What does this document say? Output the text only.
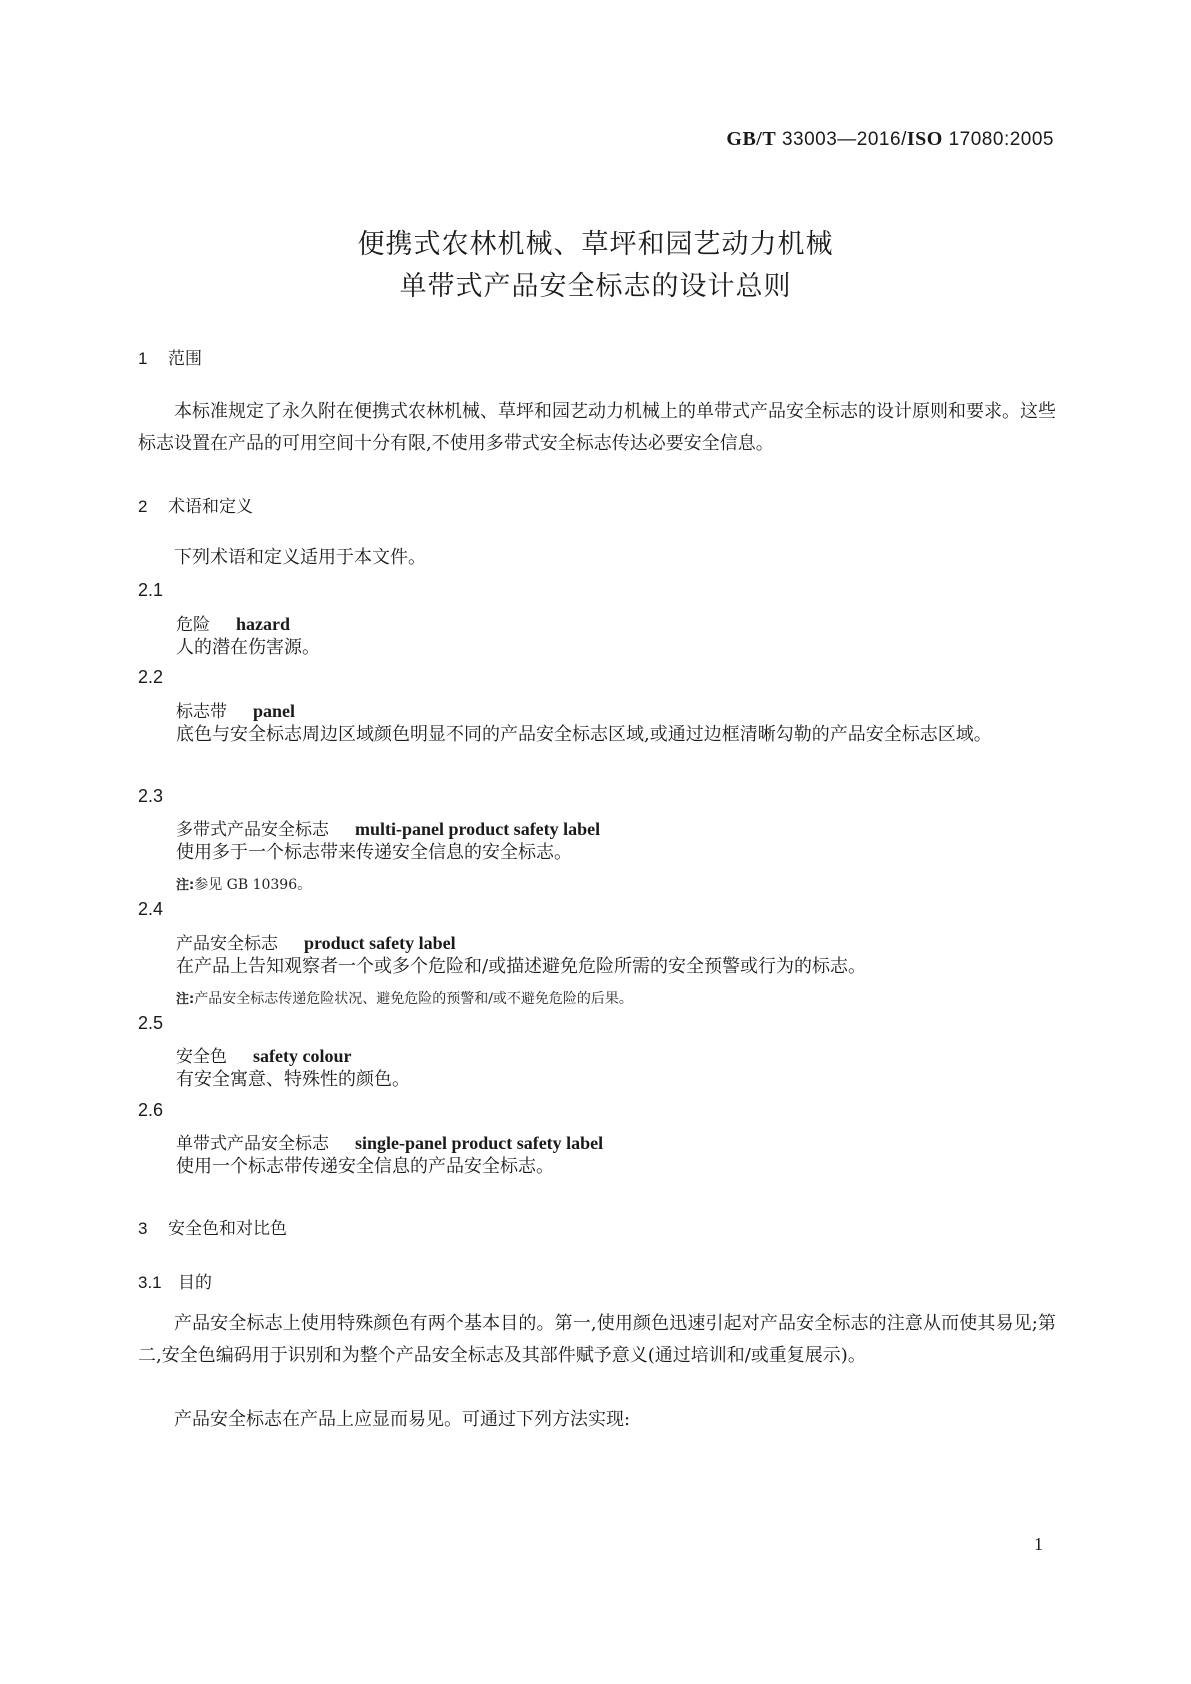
GB/T 33003—2016/ISO 17080:2005
便携式农林机械、草坪和园艺动力机械
单带式产品安全标志的设计总则
1 范围
本标准规定了永久附在便携式农林机械、草坪和园艺动力机械上的单带式产品安全标志的设计原则和要求。这些标志设置在产品的可用空间十分有限,不使用多带式安全标志传达必要安全信息。
2 术语和定义
下列术语和定义适用于本文件。
2.1
危险 hazard
人的潜在伤害源。
2.2
标志带 panel
底色与安全标志周边区域颜色明显不同的产品安全标志区域,或通过边框清晰勾勒的产品安全标志区域。
2.3
多带式产品安全标志 multi-panel product safety label
使用多于一个标志带来传递安全信息的安全标志。
注:参见 GB 10396。
2.4
产品安全标志 product safety label
在产品上告知观察者一个或多个危险和/或描述避免危险所需的安全预警或行为的标志。
注:产品安全标志传递危险状况、避免危险的预警和/或不避免危险的后果。
2.5
安全色 safety colour
有安全寓意、特殊性的颜色。
2.6
单带式产品安全标志 single-panel product safety label
使用一个标志带传递安全信息的产品安全标志。
3 安全色和对比色
3.1 目的
产品安全标志上使用特殊颜色有两个基本目的。第一,使用颜色迅速引起对产品安全标志的注意从而使其易见;第二,安全色编码用于识别和为整个产品安全标志及其部件赋予意义(通过培训和/或重复展示)。
产品安全标志在产品上应显而易见。可通过下列方法实现:
1
